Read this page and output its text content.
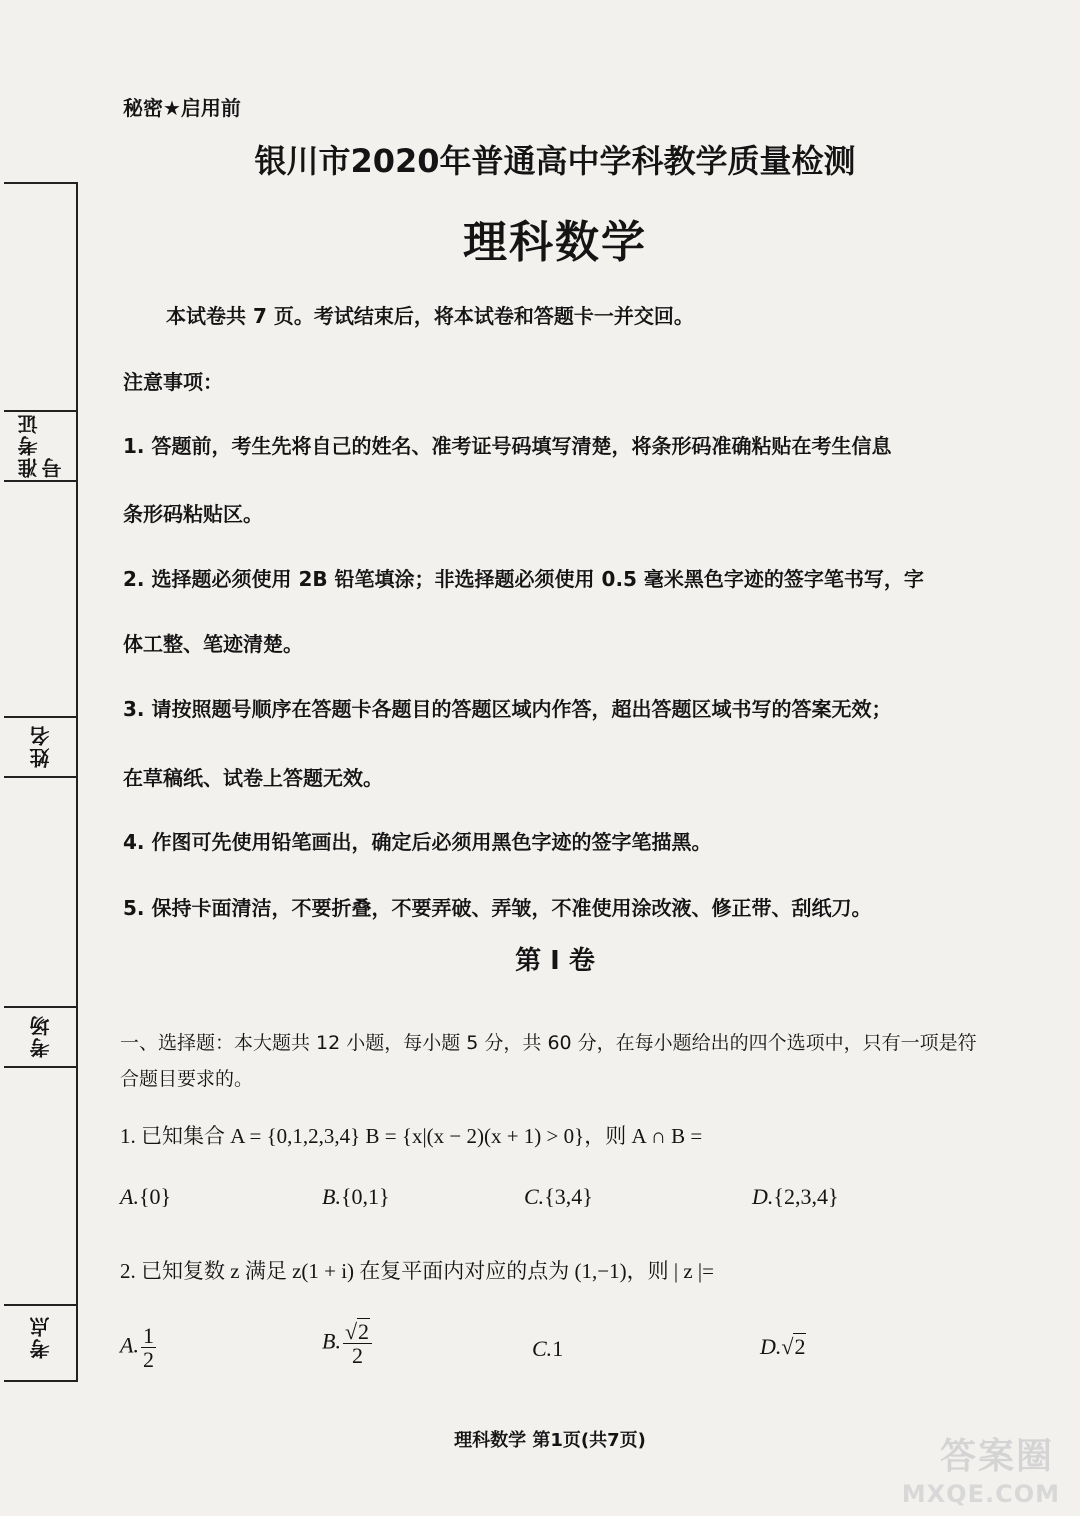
准考证号
姓名
考场
考点
秘密★启用前
银川市2020年普通高中学科教学质量检测
理科数学
本试卷共 7 页。考试结束后，将本试卷和答题卡一并交回。
注意事项：
1. 答题前，考生先将自己的姓名、准考证号码填写清楚，将条形码准确粘贴在考生信息
条形码粘贴区。
2. 选择题必须使用 2B 铅笔填涂；非选择题必须使用 0.5 毫米黑色字迹的签字笔书写，字
体工整、笔迹清楚。
3. 请按照题号顺序在答题卡各题目的答题区域内作答，超出答题区域书写的答案无效；
在草稿纸、试卷上答题无效。
4. 作图可先使用铅笔画出，确定后必须用黑色字迹的签字笔描黑。
5. 保持卡面清洁，不要折叠，不要弄破、弄皱，不准使用涂改液、修正带、刮纸刀。
第 I 卷
一、选择题：本大题共 12 小题，每小题 5 分，共 60 分，在每小题给出的四个选项中，只有一项是符合题目要求的。
1. 已知集合 A = {0,1,2,3,4} B = {x|(x − 2)(x + 1) > 0}，则 A ∩ B =
A.{0}	B.{0,1}	C.{3,4}	D.{2,3,4}
2. 已知复数 z 满足 z(1 + i) 在复平面内对应的点为 (1,−1)，则 | z |=
A. $\frac{1}{2}$	B. $\frac{√2}{2}$	C.1	D.√2
理科数学 第1页(共7页)	答案圈
MXQE.COM
